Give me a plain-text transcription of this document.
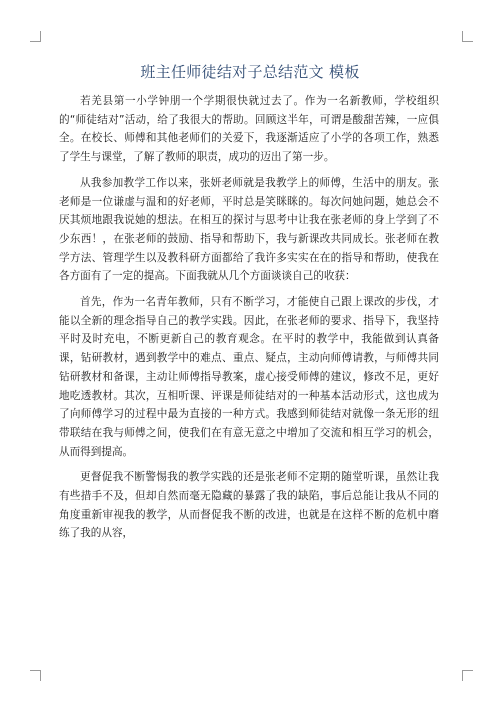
班主任师徒结对子总结范文 模板

若羌县第一小学钟朋一个学期很快就过去了。作为一名新教师，学校组织的“师徒结对”活动，给了我很大的帮助。回顾这半年，可谓是酸甜苦辣，一应俱全。在校长、师傅和其他老师们的关爱下，我逐渐适应了小学的各项工作，熟悉了学生与课堂，了解了教师的职责，成功的迈出了第一步。

从我参加教学工作以来，张妍老师就是我教学上的师傅，生活中的朋友。张老师是一位谦虚与温和的好老师，平时总是笑眯眯的。每次问她问题，她总会不厌其烦地跟我说她的想法。在相互的探讨与思考中让我在张老师的身上学到了不少东西！，在张老师的鼓励、指导和帮助下，我与新课改共同成长。张老师在教学方法、管理学生以及教科研方面都给了我许多实实在在的指导和帮助，使我在各方面有了一定的提高。下面我就从几个方面谈谈自己的收获：

首先，作为一名青年教师，只有不断学习，才能使自己跟上课改的步伐，才能以全新的理念指导自己的教学实践。因此，在张老师的要求、指导下，我坚持平时及时充电，不断更新自己的教育观念。在平时的教学中，我能做到认真备课，钻研教材，遇到教学中的难点、重点、疑点，主动向师傅请教，与师傅共同钻研教材和备课，主动让师傅指导教案，虚心接受师傅的建议，修改不足，更好地吃透教材。其次，互相听课、评课是师徒结对的一种基本活动形式，这也成为了向师傅学习的过程中最为直接的一种方式。我感到师徒结对就像一条无形的纽带联结在我与师傅之间，使我们在有意无意之中增加了交流和相互学习的机会，从而得到提高。

更督促我不断警惕我的教学实践的还是张老师不定期的随堂听课，虽然让我有些措手不及，但却自然而毫无隐藏的暴露了我的缺陷，事后总能让我从不同的角度重新审视我的教学，从而督促我不断的改进，也就是在这样不断的危机中磨练了我的从容，
